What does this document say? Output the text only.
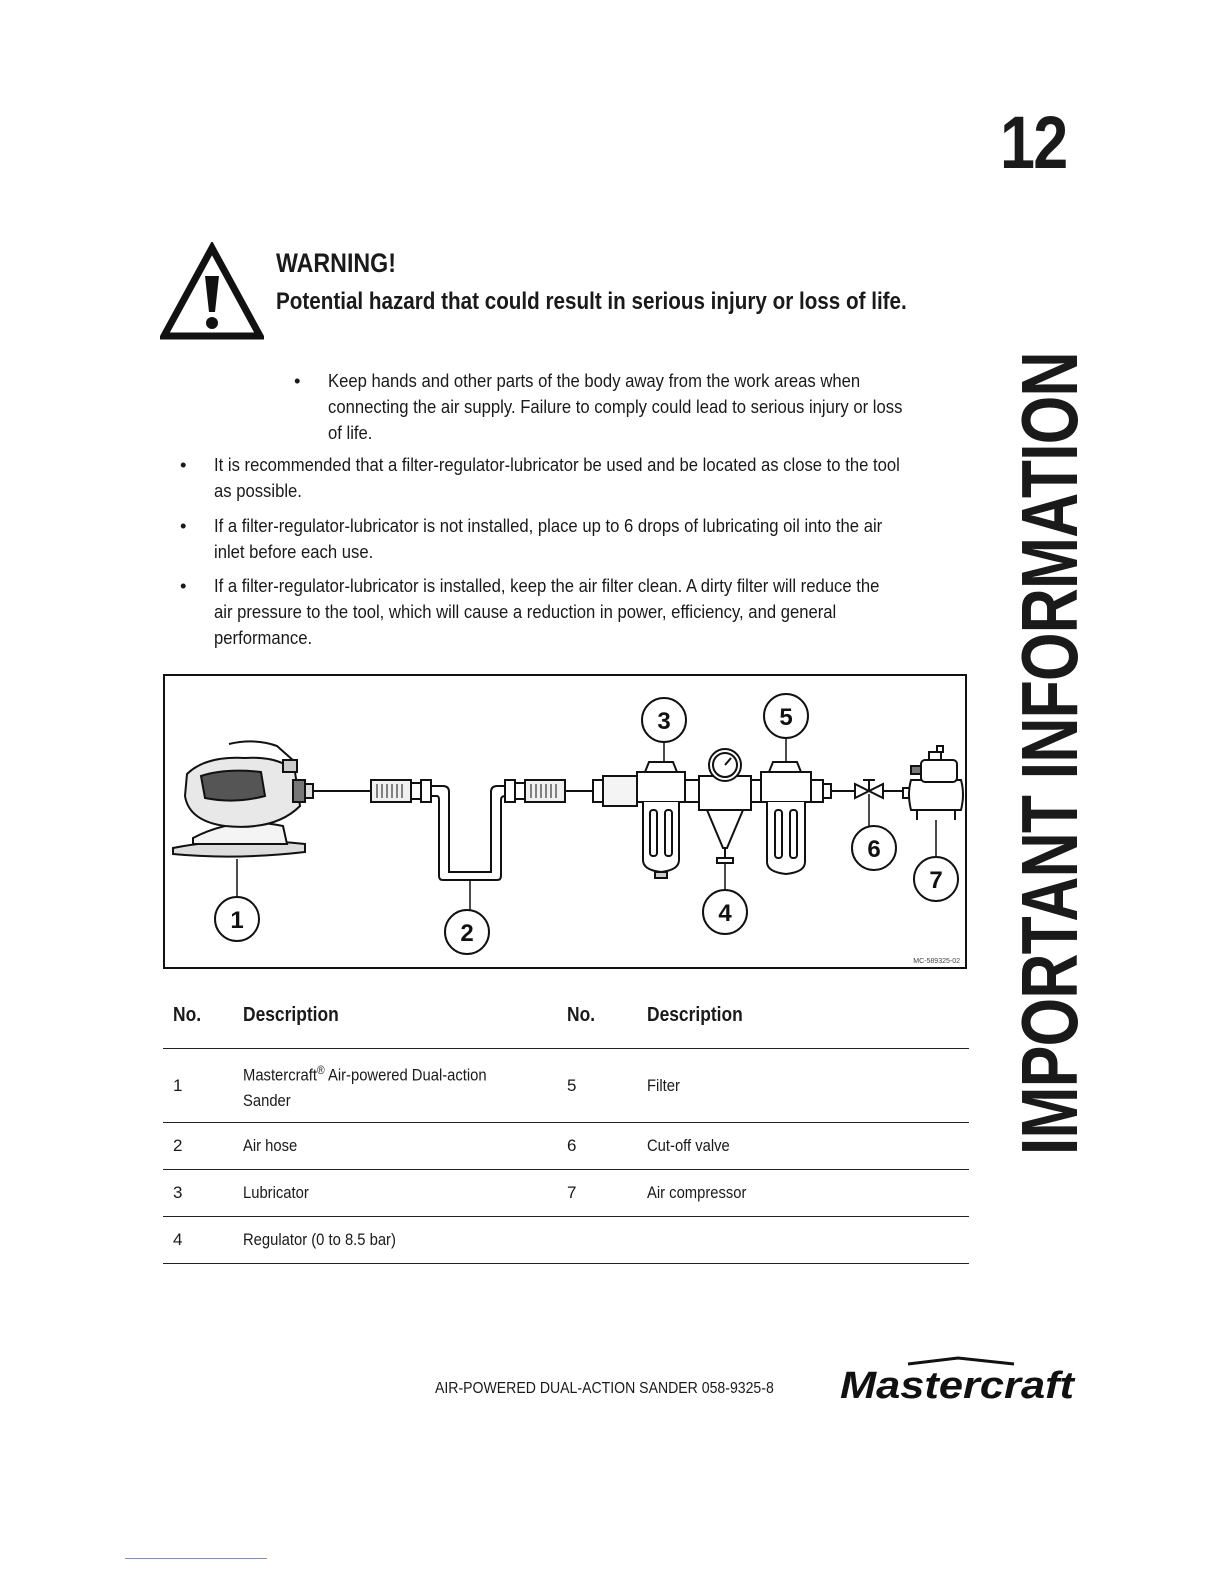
12
IMPORTANT INFORMATION
WARNING!
Potential hazard that could result in serious injury or loss of life.
• Keep hands and other parts of the body away from the work areas when
connecting the air supply. Failure to comply could lead to serious injury or loss
of life.
• It is recommended that a filter-regulator-lubricator be used and be located as close to the tool
as possible.
• If a filter-regulator-lubricator is not installed, place up to 6 drops of lubricating oil into the air
inlet before each use.
• If a filter-regulator-lubricator is installed, keep the air filter clean. A dirty filter will reduce the
air pressure to the tool, which will cause a reduction in power, efficiency, and general
performance.
1	2
3
4
5
6
7
MC-589325-02
No.	Description	No.	Description
1	Mastercraft® Air-powered Dual-action
Sander	5	Filter
2	Air hose	6	Cut-off valve
3	Lubricator	7	Air compressor
4	Regulator (0 to 8.5 bar)		
AIR-POWERED DUAL-ACTION SANDER 058-9325-8 Mastercraft
